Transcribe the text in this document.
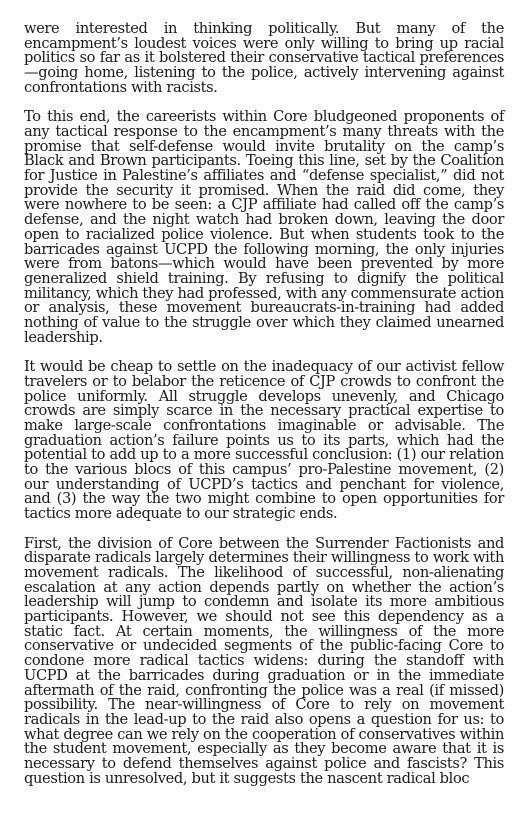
were interested in thinking politically. But many of the encampment’s loudest voices were only willing to bring up racial politics so far as it bolstered their conservative tactical preferences—going home, listening to the police, actively intervening against confrontations with racists.

To this end, the careerists within Core bludgeoned proponents of any tactical response to the encampment’s many threats with the promise that self-defense would invite brutality on the camp’s Black and Brown participants. Toeing this line, set by the Coalition for Justice in Palestine’s affiliates and “defense specialist,” did not provide the security it promised. When the raid did come, they were nowhere to be seen: a CJP affiliate had called off the camp’s defense, and the night watch had broken down, leaving the door open to racialized police violence. But when students took to the barricades against UCPD the following morning, the only injuries were from batons—which would have been prevented by more generalized shield training. By refusing to dignify the political militancy, which they had professed, with any commensurate action or analysis, these movement bureaucrats-in-training had added nothing of value to the struggle over which they claimed unearned leadership.

It would be cheap to settle on the inadequacy of our activist fellow travelers or to belabor the reticence of CJP crowds to confront the police uniformly. All struggle develops unevenly, and Chicago crowds are simply scarce in the necessary practical expertise to make large-scale confrontations imaginable or advisable. The graduation action’s failure points us to its parts, which had the potential to add up to a more successful conclusion: (1) our relation to the various blocs of this campus’ pro-Palestine movement, (2) our understanding of UCPD’s tactics and penchant for violence, and (3) the way the two might combine to open opportunities for tactics more adequate to our strategic ends.

First, the division of Core between the Surrender Factionists and disparate radicals largely determines their willingness to work with movement radicals. The likelihood of successful, non-alienating escalation at any action depends partly on whether the action’s leadership will jump to condemn and isolate its more ambitious participants. However, we should not see this dependency as a static fact. At certain moments, the willingness of the more conservative or undecided segments of the public-facing Core to condone more radical tactics widens: during the standoff with UCPD at the barricades during graduation or in the immediate aftermath of the raid, confronting the police was a real (if missed) possibility. The near-willingness of Core to rely on movement radicals in the lead-up to the raid also opens a question for us: to what degree can we rely on the cooperation of conservatives within the student movement, especially as they become aware that it is necessary to defend themselves against police and fascists? This question is unresolved, but it suggests the nascent radical bloc
